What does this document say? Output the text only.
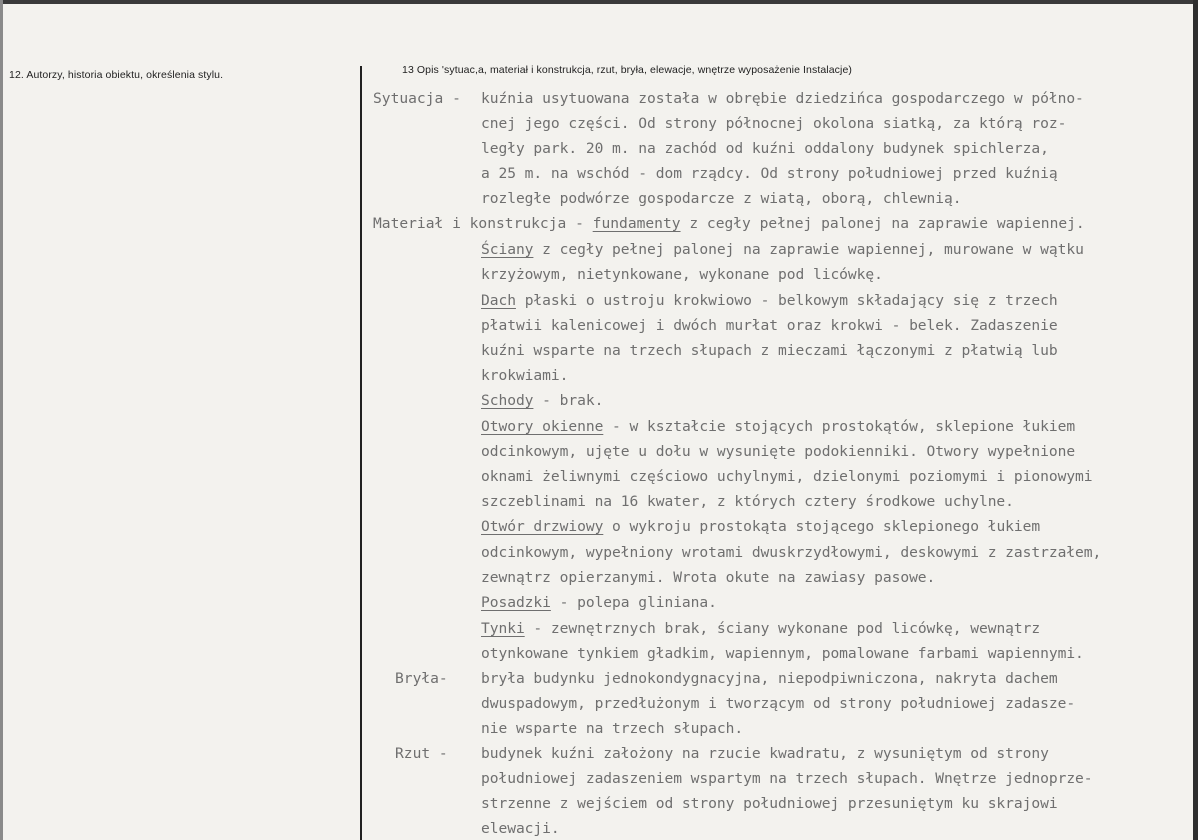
12. Autorzy, historia obiektu, określenia stylu.	13 Opis 'sytuac,a, materiał i konstrukcja, rzut, bryła, elewacje, wnętrze wyposażenie Instalacje)
Sytuacja - kuźnia usytuowana została w obrębie dziedzińca gospodarczego w półno-
cnej jego części. Od strony północnej okolona siatką, za którą roz-
legły park. 20 m. na zachód od kuźni oddalony budynek spichlerza,
a 25 m. na wschód - dom rządcy. Od strony południowej przed kuźnią
rozległe podwórze gospodarcze z wiatą, oborą, chlewnią.
Materiał i konstrukcja - fundamenty z cegły pełnej palonej na zaprawie wapiennej.
Ściany z cegły pełnej palonej na zaprawie wapiennej, murowane w wątku
krzyżowym, nietynkowane, wykonane pod licówkę.
Dach płaski o ustroju krokwiowo - belkowym składający się z trzech
płatwii kalenicowej i dwóch murłat oraz krokwi - belek. Zadaszenie
kuźni wsparte na trzech słupach z mieczami łączonymi z płatwią lub
krokwiami.
Schody - brak.
Otwory okienne - w kształcie stojących prostokątów, sklepione łukiem
odcinkowym, ujęte u dołu w wysunięte podokienniki. Otwory wypełnione
oknami żeliwnymi częściowo uchylnymi, dzielonymi poziomymi i pionowymi
szczeblinami na 16 kwater, z których cztery środkowe uchylne.
Otwór drzwiowy o wykroju prostokąta stojącego sklepionego łukiem
odcinkowym, wypełniony wrotami dwuskrzydłowymi, deskowymi z zastrzałem,
zewnątrz opierzanymi. Wrota okute na zawiasy pasowe.
Posadzki - polepa gliniana.
Tynki - zewnętrznych brak, ściany wykonane pod licówkę, wewnątrz
otynkowane tynkiem gładkim, wapiennym, pomalowane farbami wapiennymi.
Bryła- bryła budynku jednokondygnacyjna, niepodpiwniczona, nakryta dachem
dwuspadowym, przedłużonym i tworzącym od strony południowej zadasze-
nie wsparte na trzech słupach.
Rzut - budynek kuźni założony na rzucie kwadratu, z wysuniętym od strony
południowej zadaszeniem wspartym na trzech słupach. Wnętrze jednoprze-
strzenne z wejściem od strony południowej przesuniętym ku skrajowi
elewacji.
